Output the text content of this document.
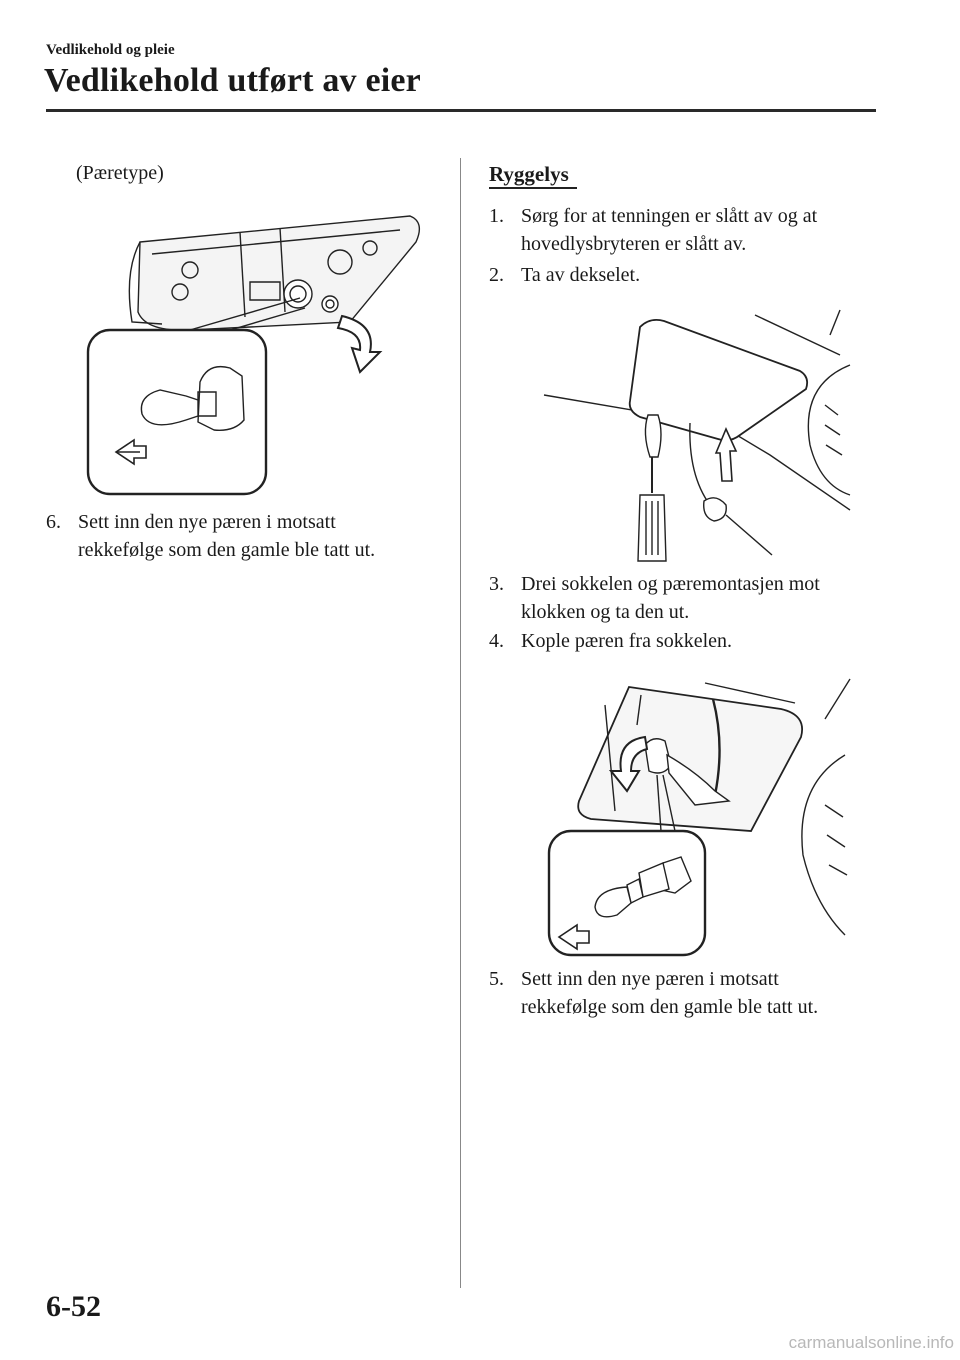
Vedlikehold og pleie
Vedlikehold utført av eier
(Pæretype)
6. Sett inn den nye pæren i motsatt
rekkefølge som den gamle ble tatt ut.
Ryggelys
1. Sørg for at tenningen er slått av og at
hovedlysbryteren er slått av.
2. Ta av dekselet.
3. Drei sokkelen og pæremontasjen mot
klokken og ta den ut.
4. Kople pæren fra sokkelen.
5. Sett inn den nye pæren i motsatt
rekkefølge som den gamle ble tatt ut.
6-52
carmanualsonline.info
